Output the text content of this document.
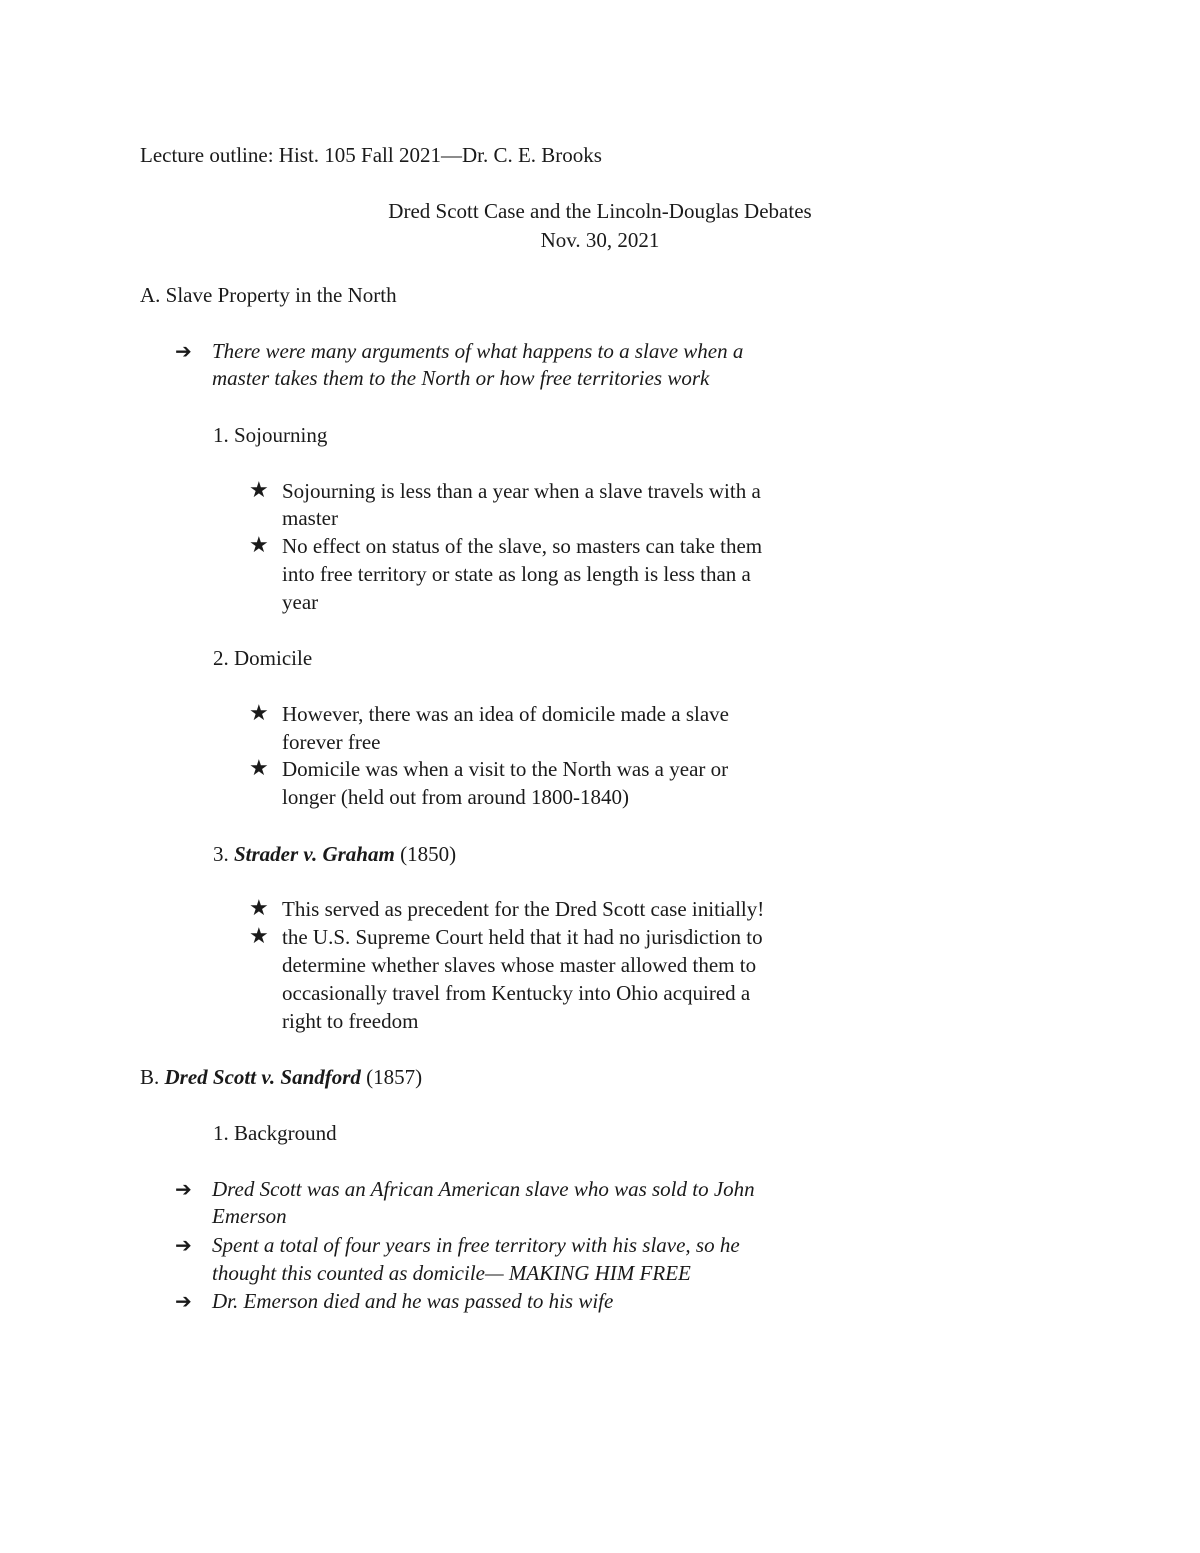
Lecture outline: Hist. 105 Fall 2021—Dr. C. E. Brooks
Dred Scott Case and the Lincoln-Douglas Debates
Nov. 30, 2021
A. Slave Property in the North
➔ There were many arguments of what happens to a slave when a
master takes them to the North or how free territories work
1. Sojourning
★ Sojourning is less than a year when a slave travels with a
master
★ No effect on status of the slave, so masters can take them
into free territory or state as long as length is less than a
year
2. Domicile
★ However, there was an idea of domicile made a slave
forever free
★ Domicile was when a visit to the North was a year or
longer (held out from around 1800-1840)
3. Strader v. Graham (1850)
★ This served as precedent for the Dred Scott case initially!
★ the U.S. Supreme Court held that it had no jurisdiction to
determine whether slaves whose master allowed them to
occasionally travel from Kentucky into Ohio acquired a
right to freedom
B. Dred Scott v. Sandford (1857)
1. Background
➔ Dred Scott was an African American slave who was sold to John
Emerson
➔ Spent a total of four years in free territory with his slave, so he
thought this counted as domicile— MAKING HIM FREE
➔ Dr. Emerson died and he was passed to his wife
